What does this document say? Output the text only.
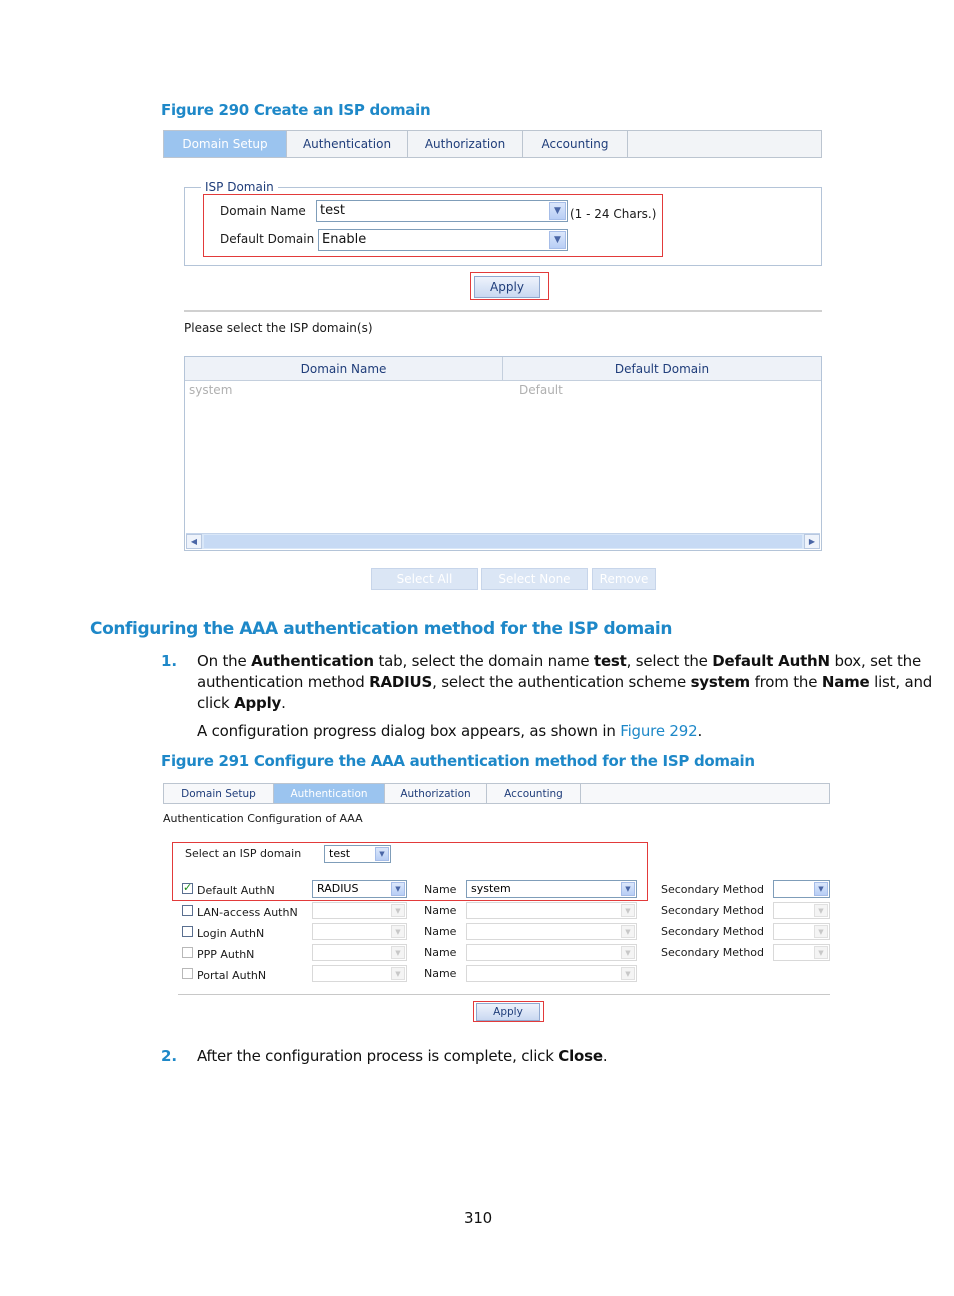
Figure 290 Create an ISP domain
Domain Setup	Authentication	Authorization	Accounting
ISP Domain
Domain Name	test	▼ (1 - 24 Chars.)
Default Domain Enable	▼
Apply
Please select the ISP domain(s)
Domain Name	Default Domain
system	Default
◀	▶
Select All	Select None	Remove
Configuring the AAA authentication method for the ISP domain
1. On the Authentication tab, select the domain name test, select the Default AuthN box, set the
authentication method RADIUS, select the authentication scheme system from the Name list, and
click Apply.
A configuration progress dialog box appears, as shown in Figure 292.
Figure 291 Configure the AAA authentication method for the ISP domain
Domain Setup	Authentication	Authorization	Accounting
Authentication Configuration of AAA
Select an ISP domain	test	▼
✓ Default AuthN	RADIUS	▼	Name	system	▼	Secondary Method	▼
LAN-access AuthN	▼	Name	▼	Secondary Method	▼
Login AuthN	▼	Name	▼	Secondary Method	▼
PPP AuthN	▼	Name	▼	Secondary Method	▼
Portal AuthN	▼	Name	▼
Apply
2. After the configuration process is complete, click Close.
310
